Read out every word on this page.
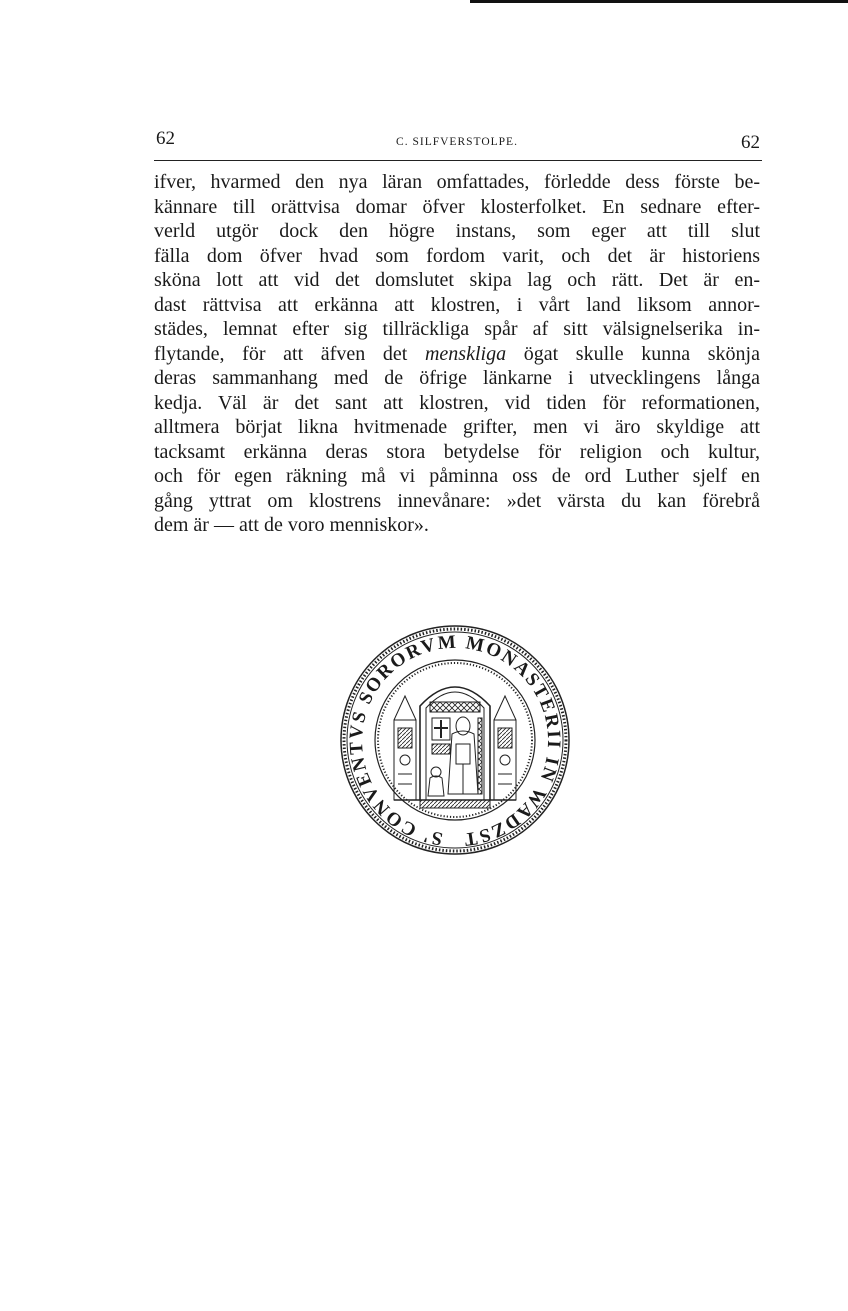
62	C. SILFVERSTOLPE.	62
ifver, hvarmed den nya läran omfattades, förledde dess förste be-
kännare till orättvisa domar öfver klosterfolket. En sednare efter-
verld utgör dock den högre instans, som eger att till slut
fälla dom öfver hvad som fordom varit, och det är historiens
sköna lott att vid det domslutet skipa lag och rätt. Det är en-
dast rättvisa att erkänna att klostren, i vårt land liksom annor-
städes, lemnat efter sig tillräckliga spår af sitt välsignelserika in-
flytande, för att äfven det menskliga ögat skulle kunna skönja
deras sammanhang med de öfrige länkarne i utvecklingens långa
kedja. Väl är det sant att klostren, vid tiden för reformationen,
alltmera börjat likna hvitmenade grifter, men vi äro skyldige att
tacksamt erkänna deras stora betydelse för religion och kultur,
och för egen räkning må vi påminna oss de ord Luther sjelf en
gång yttrat om klostrens innevånare: »det värsta du kan förebrå
dem är — att de voro menniskor».
S' CONVENTVS SORORVM MONASTERII IN WADZST
